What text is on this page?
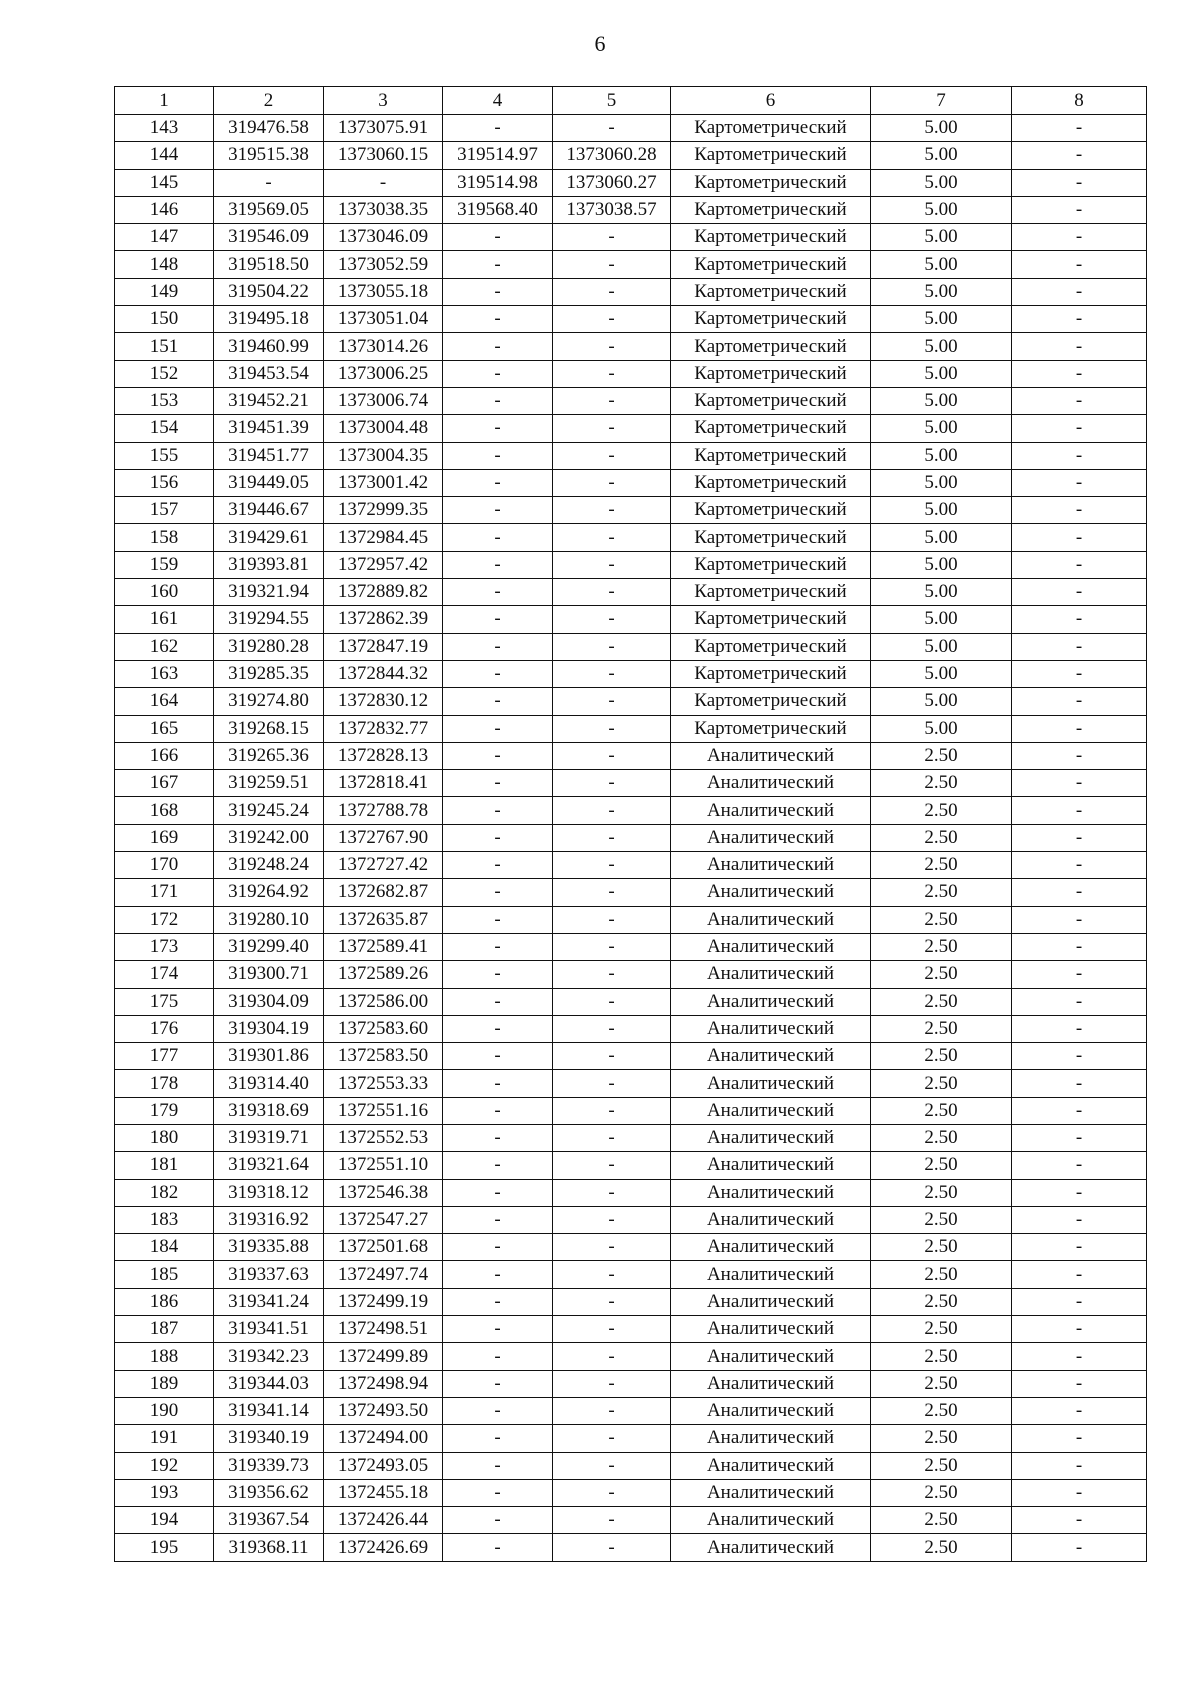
6
1	2	3	4	5	6	7	8
143	319476.58	1373075.91	-	-	Картометрический	5.00	-
144	319515.38	1373060.15	319514.97	1373060.28	Картометрический	5.00	-
145	-	-	319514.98	1373060.27	Картометрический	5.00	-
146	319569.05	1373038.35	319568.40	1373038.57	Картометрический	5.00	-
147	319546.09	1373046.09	-	-	Картометрический	5.00	-
148	319518.50	1373052.59	-	-	Картометрический	5.00	-
149	319504.22	1373055.18	-	-	Картометрический	5.00	-
150	319495.18	1373051.04	-	-	Картометрический	5.00	-
151	319460.99	1373014.26	-	-	Картометрический	5.00	-
152	319453.54	1373006.25	-	-	Картометрический	5.00	-
153	319452.21	1373006.74	-	-	Картометрический	5.00	-
154	319451.39	1373004.48	-	-	Картометрический	5.00	-
155	319451.77	1373004.35	-	-	Картометрический	5.00	-
156	319449.05	1373001.42	-	-	Картометрический	5.00	-
157	319446.67	1372999.35	-	-	Картометрический	5.00	-
158	319429.61	1372984.45	-	-	Картометрический	5.00	-
159	319393.81	1372957.42	-	-	Картометрический	5.00	-
160	319321.94	1372889.82	-	-	Картометрический	5.00	-
161	319294.55	1372862.39	-	-	Картометрический	5.00	-
162	319280.28	1372847.19	-	-	Картометрический	5.00	-
163	319285.35	1372844.32	-	-	Картометрический	5.00	-
164	319274.80	1372830.12	-	-	Картометрический	5.00	-
165	319268.15	1372832.77	-	-	Картометрический	5.00	-
166	319265.36	1372828.13	-	-	Аналитический	2.50	-
167	319259.51	1372818.41	-	-	Аналитический	2.50	-
168	319245.24	1372788.78	-	-	Аналитический	2.50	-
169	319242.00	1372767.90	-	-	Аналитический	2.50	-
170	319248.24	1372727.42	-	-	Аналитический	2.50	-
171	319264.92	1372682.87	-	-	Аналитический	2.50	-
172	319280.10	1372635.87	-	-	Аналитический	2.50	-
173	319299.40	1372589.41	-	-	Аналитический	2.50	-
174	319300.71	1372589.26	-	-	Аналитический	2.50	-
175	319304.09	1372586.00	-	-	Аналитический	2.50	-
176	319304.19	1372583.60	-	-	Аналитический	2.50	-
177	319301.86	1372583.50	-	-	Аналитический	2.50	-
178	319314.40	1372553.33	-	-	Аналитический	2.50	-
179	319318.69	1372551.16	-	-	Аналитический	2.50	-
180	319319.71	1372552.53	-	-	Аналитический	2.50	-
181	319321.64	1372551.10	-	-	Аналитический	2.50	-
182	319318.12	1372546.38	-	-	Аналитический	2.50	-
183	319316.92	1372547.27	-	-	Аналитический	2.50	-
184	319335.88	1372501.68	-	-	Аналитический	2.50	-
185	319337.63	1372497.74	-	-	Аналитический	2.50	-
186	319341.24	1372499.19	-	-	Аналитический	2.50	-
187	319341.51	1372498.51	-	-	Аналитический	2.50	-
188	319342.23	1372499.89	-	-	Аналитический	2.50	-
189	319344.03	1372498.94	-	-	Аналитический	2.50	-
190	319341.14	1372493.50	-	-	Аналитический	2.50	-
191	319340.19	1372494.00	-	-	Аналитический	2.50	-
192	319339.73	1372493.05	-	-	Аналитический	2.50	-
193	319356.62	1372455.18	-	-	Аналитический	2.50	-
194	319367.54	1372426.44	-	-	Аналитический	2.50	-
195	319368.11	1372426.69	-	-	Аналитический	2.50	-
